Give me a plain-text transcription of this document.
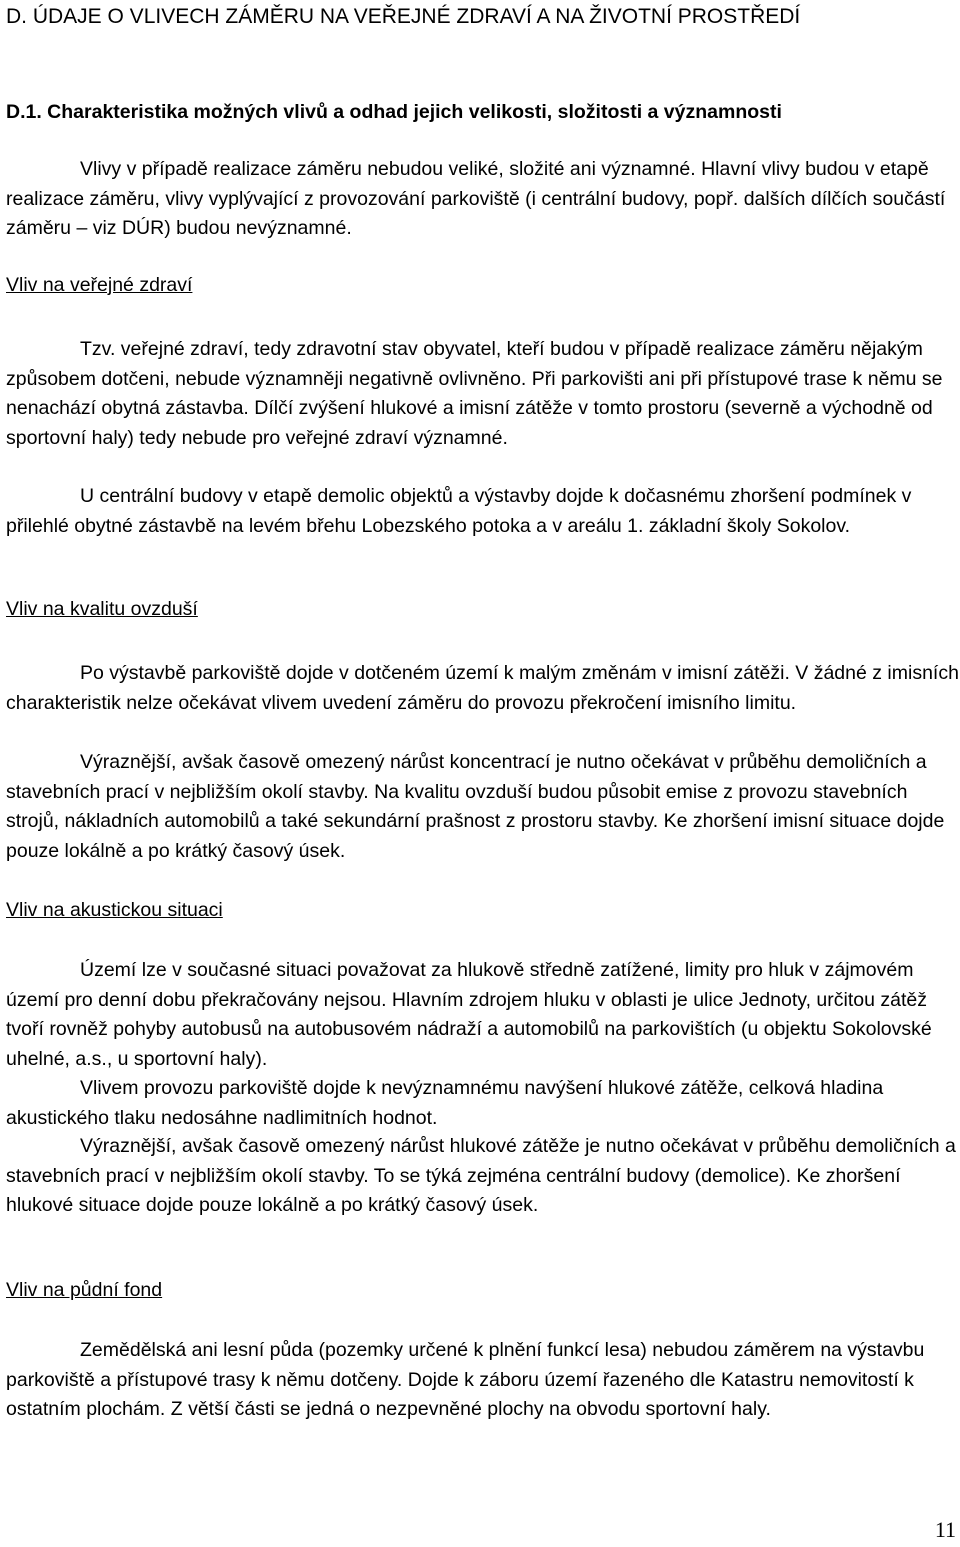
D. ÚDAJE O VLIVECH ZÁMĚRU NA VEŘEJNÉ ZDRAVÍ A NA ŽIVOTNÍ PROSTŘEDÍ
D.1. Charakteristika možných vlivů a odhad jejich velikosti, složitosti a významnosti
Vlivy v případě realizace záměru nebudou veliké, složité ani významné. Hlavní vlivy budou v etapě realizace záměru, vlivy vyplývající z provozování parkoviště (i centrální budovy, popř. dalších dílčích součástí záměru – viz DÚR) budou nevýznamné.
Vliv na veřejné zdraví
Tzv. veřejné zdraví, tedy zdravotní stav obyvatel, kteří budou v případě realizace záměru nějakým způsobem dotčeni, nebude významněji negativně ovlivněno. Při parkovišti ani při přístupové trase k němu se nenachází obytná zástavba. Dílčí zvýšení hlukové a imisní zátěže v tomto prostoru (severně a východně od sportovní haly) tedy nebude pro veřejné zdraví významné.
U centrální budovy v etapě demolic objektů a výstavby dojde k dočasnému zhoršení podmínek v přilehlé obytné zástavbě na levém břehu Lobezského potoka a v areálu 1. základní školy Sokolov.
Vliv na kvalitu ovzduší
Po výstavbě parkoviště dojde v dotčeném území k malým změnám v imisní zátěži. V žádné z imisních charakteristik nelze očekávat vlivem uvedení záměru do provozu překročení imisního limitu.
Výraznější, avšak časově omezený nárůst koncentrací je nutno očekávat v průběhu demoličních a stavebních prací v nejbližším okolí stavby. Na kvalitu ovzduší budou působit emise z provozu stavebních strojů, nákladních automobilů a také sekundární prašnost z prostoru stavby. Ke zhoršení imisní situace dojde pouze lokálně a po krátký časový úsek.
Vliv na akustickou situaci
Území lze v současné situaci považovat za hlukově středně zatížené, limity pro hluk v zájmovém území pro denní dobu překračovány nejsou. Hlavním zdrojem hluku v oblasti je ulice Jednoty, určitou zátěž tvoří rovněž pohyby autobusů na autobusovém nádraží a automobilů na parkovištích (u objektu Sokolovské uhelné, a.s., u sportovní haly).
Vlivem provozu parkoviště dojde k nevýznamnému navýšení hlukové zátěže, celková hladina akustického tlaku nedosáhne nadlimitních hodnot.
Výraznější, avšak časově omezený nárůst hlukové zátěže je nutno očekávat v průběhu demoličních a stavebních prací v nejbližším okolí stavby. To se týká zejména centrální budovy (demolice). Ke zhoršení hlukové situace dojde pouze lokálně a po krátký časový úsek.
Vliv na půdní fond
Zemědělská ani lesní půda (pozemky určené k plnění funkcí lesa) nebudou záměrem na výstavbu parkoviště a přístupové trasy k němu dotčeny. Dojde k záboru území řazeného dle Katastru nemovitostí k ostatním plochám. Z větší části se jedná o nezpevněné plochy na obvodu sportovní haly.
11
